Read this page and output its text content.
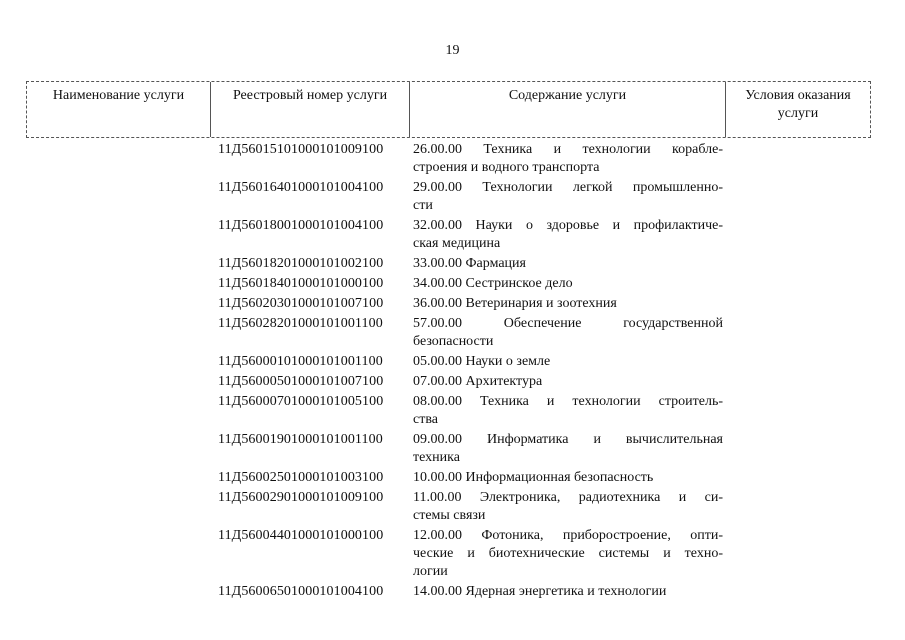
19
Наименование услуги	Реестровый номер услуги	Содержание услуги	Условия оказания услуги
11Д56015101000101009100	26.00.00 Техника и технологии корабле-
строения и водного транспорта
11Д56016401000101004100	29.00.00 Технологии легкой промышленно-
сти
11Д56018001000101004100	32.00.00 Науки о здоровье и профилактиче-
ская медицина
11Д56018201000101002100	33.00.00 Фармация
11Д56018401000101000100	34.00.00 Сестринское дело
11Д56020301000101007100	36.00.00 Ветеринария и зоотехния
11Д56028201000101001100	57.00.00 Обеспечение государственной
безопасности
11Д56000101000101001100	05.00.00 Науки о земле
11Д56000501000101007100	07.00.00 Архитектура
11Д56000701000101005100	08.00.00 Техника и технологии строитель-
ства
11Д56001901000101001100	09.00.00 Информатика и вычислительная
техника
11Д56002501000101003100	10.00.00 Информационная безопасность
11Д56002901000101009100	11.00.00 Электроника, радиотехника и си-
стемы связи
11Д56004401000101000100	12.00.00 Фотоника, приборостроение, опти-
ческие и биотехнические системы и техно-
логии
11Д56006501000101004100	14.00.00 Ядерная энергетика и технологии
